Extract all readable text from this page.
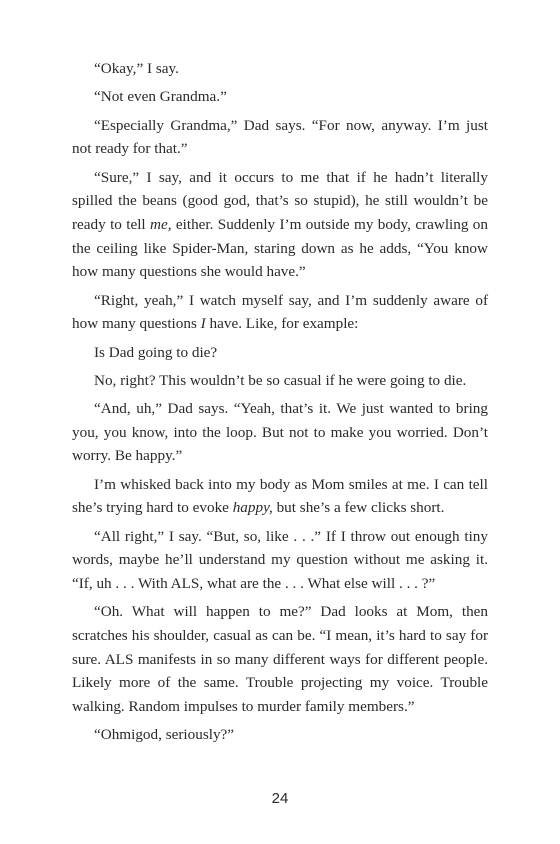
“Okay,” I say.

“Not even Grandma.”

“Especially Grandma,” Dad says. “For now, anyway. I’m just not ready for that.”

“Sure,” I say, and it occurs to me that if he hadn’t literally spilled the beans (good god, that’s so stupid), he still wouldn’t be ready to tell me, either. Suddenly I’m outside my body, crawling on the ceiling like Spider-Man, staring down as he adds, “You know how many questions she would have.”

“Right, yeah,” I watch myself say, and I’m suddenly aware of how many questions I have. Like, for example:

Is Dad going to die?

No, right? This wouldn’t be so casual if he were going to die.

“And, uh,” Dad says. “Yeah, that’s it. We just wanted to bring you, you know, into the loop. But not to make you worried. Don’t worry. Be happy.”

I’m whisked back into my body as Mom smiles at me. I can tell she’s trying hard to evoke happy, but she’s a few clicks short.

“All right,” I say. “But, so, like . . .” If I throw out enough tiny words, maybe he’ll understand my question without me asking it. “If, uh . . . With ALS, what are the . . . What else will . . . ?”

“Oh. What will happen to me?” Dad looks at Mom, then scratches his shoulder, casual as can be. “I mean, it’s hard to say for sure. ALS manifests in so many different ways for different people. Likely more of the same. Trouble projecting my voice. Trouble walking. Random impulses to murder family members.”

“Ohmigod, seriously?”

24
